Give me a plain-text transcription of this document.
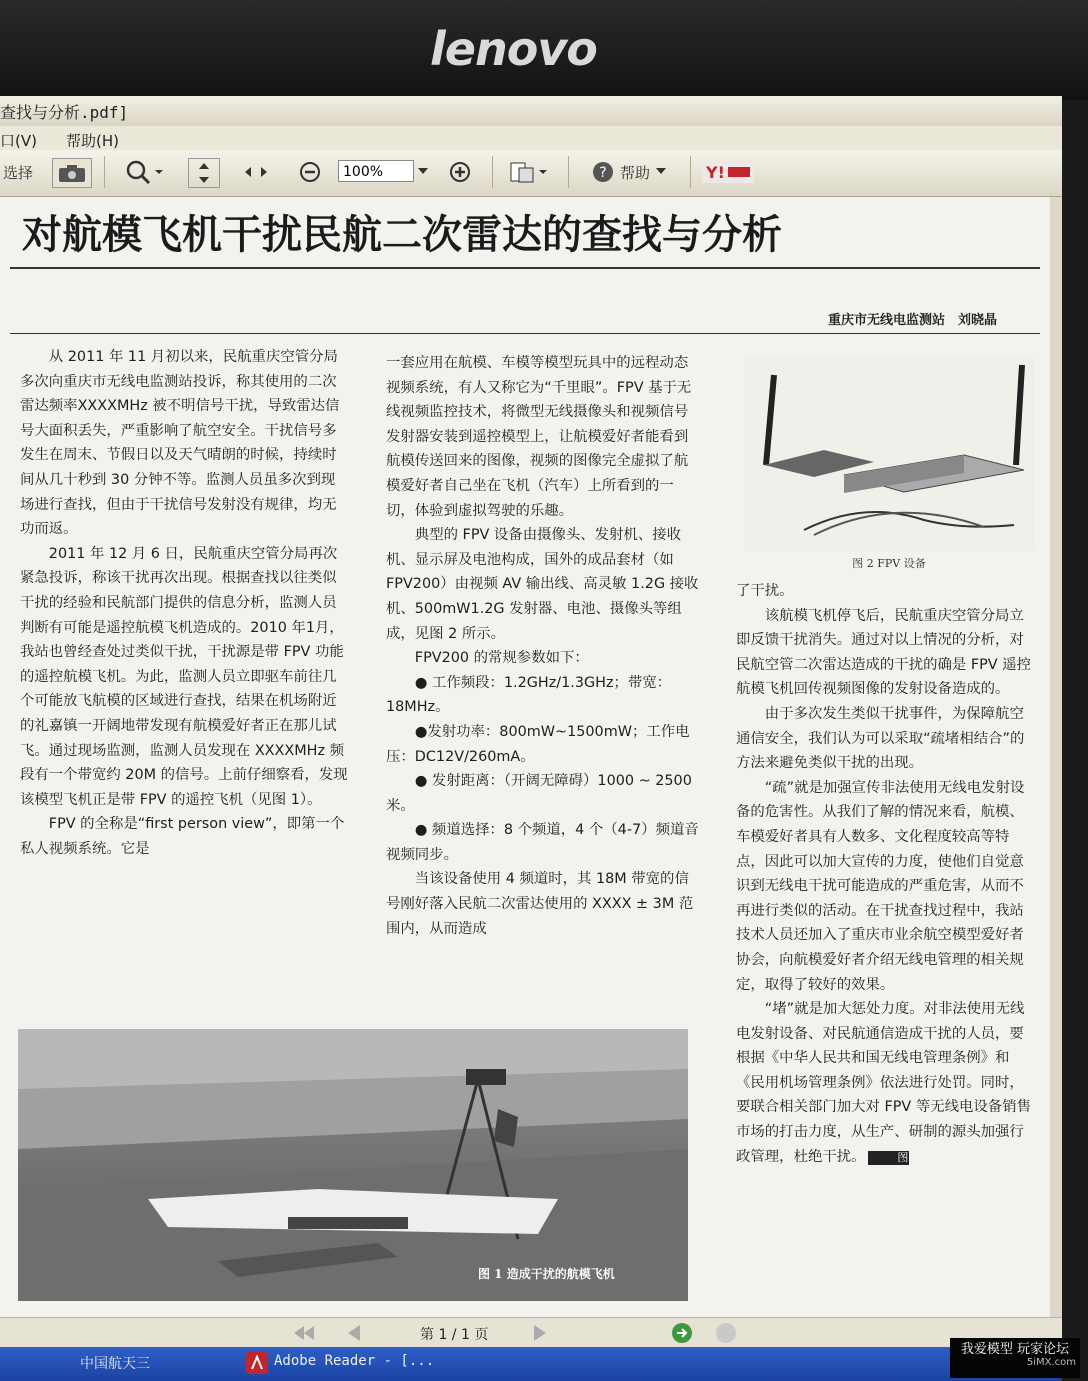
lenovo
查找与分析.pdf]
口(V) 帮助(H)
选择	100%	? 帮助	Y!
对航模飞机干扰民航二次雷达的查找与分析
重庆市无线电监测站　刘晓晶

从 2011 年 11 月初以来，民航重庆空管分局多次向重庆市无线电监测站投诉，称其使用的二次雷达频率XXXXMHz 被不明信号干扰，导致雷达信号大面积丢失，严重影响了航空安全。干扰信号多发生在周末、节假日以及天气晴朗的时候，持续时间从几十秒到 30 分钟不等。监测人员虽多次到现场进行查找，但由于干扰信号发射没有规律，均无功而返。

2011 年 12 月 6 日，民航重庆空管分局再次紧急投诉，称该干扰再次出现。根据查找以往类似干扰的经验和民航部门提供的信息分析，监测人员判断有可能是遥控航模飞机造成的。2010 年1月，我站也曾经查处过类似干扰，干扰源是带 FPV 功能的遥控航模飞机。为此，监测人员立即驱车前往几个可能放飞航模的区域进行查找，结果在机场附近的礼嘉镇一开阔地带发现有航模爱好者正在那儿试飞。通过现场监测，监测人员发现在 XXXXMHz 频段有一个带宽约 20M 的信号。上前仔细察看，发现该模型飞机正是带 FPV 的遥控飞机（见图 1）。

FPV 的全称是“first person view”，即第一个私人视频系统。它是

一套应用在航模、车模等模型玩具中的远程动态视频系统，有人又称它为“千里眼”。FPV 基于无线视频监控技术，将微型无线摄像头和视频信号发射器安装到遥控模型上，让航模爱好者能看到航模传送回来的图像，视频的图像完全虚拟了航模爱好者自己坐在飞机（汽车）上所看到的一切，体验到虚拟驾驶的乐趣。

典型的 FPV 设备由摄像头、发射机、接收机、显示屏及电池构成，国外的成品套材（如 FPV200）由视频 AV 输出线、高灵敏 1.2G 接收机、500mW1.2G 发射器、电池、摄像头等组成，见图 2 所示。

FPV200 的常规参数如下：

● 工作频段：1.2GHz/1.3GHz；带宽：18MHz。

●发射功率：800mW~1500mW；工作电压：DC12V/260mA。

● 发射距离：（开阔无障碍）1000 ~ 2500 米。

● 频道选择：8 个频道，4 个（4-7）频道音视频同步。

当该设备使用 4 频道时，其 18M 带宽的信号刚好落入民航二次雷达使用的 XXXX ± 3M 范围内，从而造成

图 2 FPV 设备

了干扰。

该航模飞机停飞后，民航重庆空管分局立即反馈干扰消失。通过对以上情况的分析，对民航空管二次雷达造成的干扰的确是 FPV 遥控航模飞机回传视频图像的发射设备造成的。

由于多次发生类似干扰事件，为保障航空通信安全，我们认为可以采取“疏堵相结合”的方法来避免类似干扰的出现。

“疏”就是加强宣传非法使用无线电发射设备的危害性。从我们了解的情况来看，航模、车模爱好者具有人数多、文化程度较高等特点，因此可以加大宣传的力度，使他们自觉意识到无线电干扰可能造成的严重危害，从而不再进行类似的活动。在干扰查找过程中，我站技术人员还加入了重庆市业余航空模型爱好者协会，向航模爱好者介绍无线电管理的相关规定，取得了较好的效果。

“堵”就是加大惩处力度。对非法使用无线电发射设备、对民航通信造成干扰的人员，要根据《中华人民共和国无线电管理条例》和《民用机场管理条例》依法进行处罚。同时，要联合相关部门加大对 FPV 等无线电设备销售市场的打击力度，从生产、研制的源头加强行政管理，杜绝干扰。	图

图 1 造成干扰的航模飞机
第 1 / 1 页
中国航天三	Adobe Reader - [...
我爱模型 玩家论坛
5iMX.com
